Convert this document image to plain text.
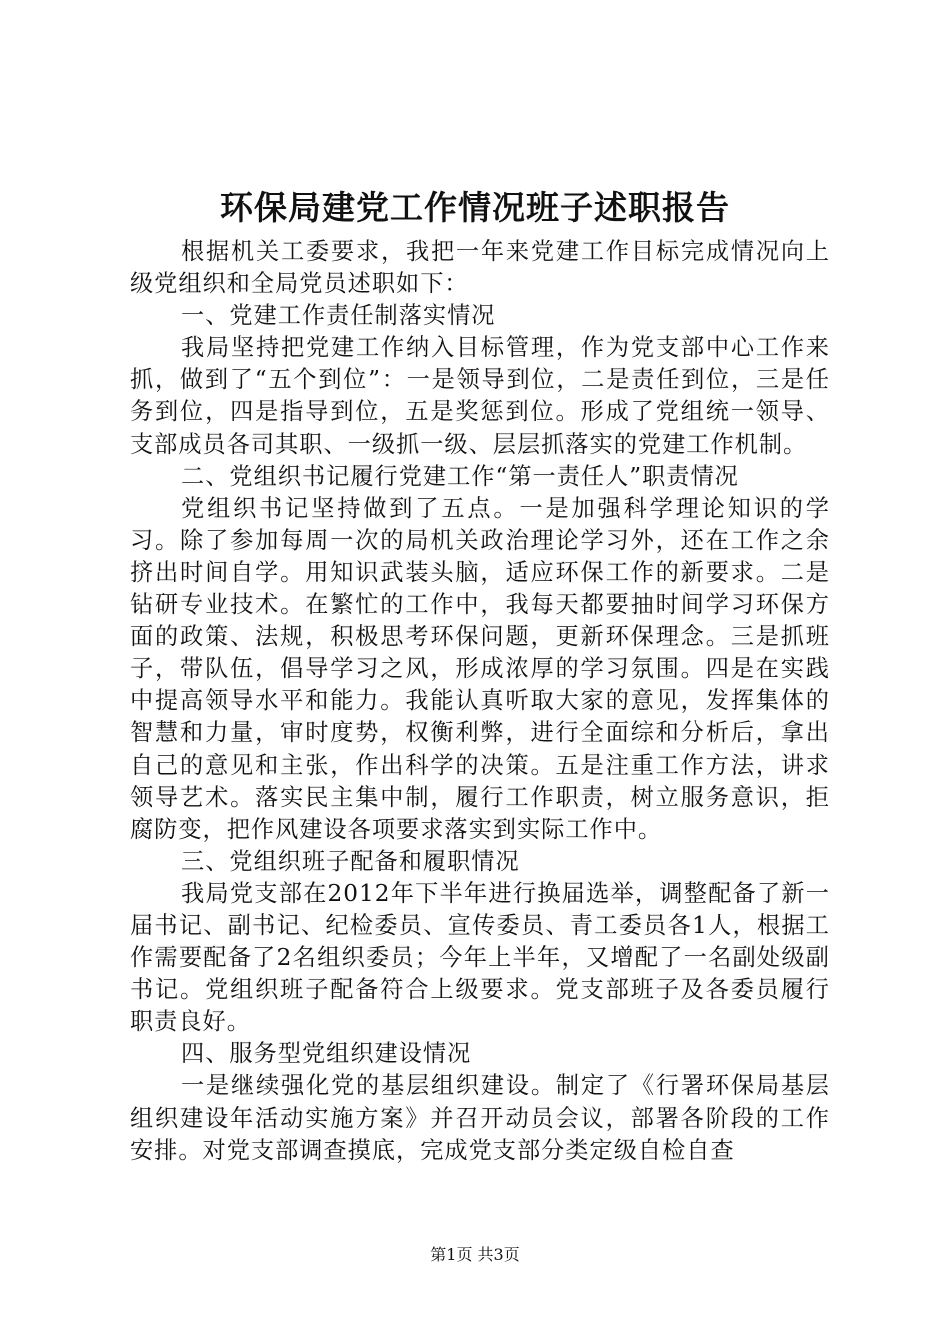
环保局建党工作情况班子述职报告

根据机关工委要求，我把一年来党建工作目标完成情况向上级党组织和全局党员述职如下：

一、党建工作责任制落实情况

我局坚持把党建工作纳入目标管理，作为党支部中心工作来抓，做到了“五个到位”：一是领导到位，二是责任到位，三是任务到位，四是指导到位，五是奖惩到位。形成了党组统一领导、支部成员各司其职、一级抓一级、层层抓落实的党建工作机制。

二、党组织书记履行党建工作“第一责任人”职责情况

党组织书记坚持做到了五点。一是加强科学理论知识的学习。除了参加每周一次的局机关政治理论学习外，还在工作之余挤出时间自学。用知识武装头脑，适应环保工作的新要求。二是钻研专业技术。在繁忙的工作中，我每天都要抽时间学习环保方面的政策、法规，积极思考环保问题，更新环保理念。三是抓班子，带队伍，倡导学习之风，形成浓厚的学习氛围。四是在实践中提高领导水平和能力。我能认真听取大家的意见，发挥集体的智慧和力量，审时度势，权衡利弊，进行全面综和分析后，拿出自己的意见和主张，作出科学的决策。五是注重工作方法，讲求领导艺术。落实民主集中制，履行工作职责，树立服务意识，拒腐防变，把作风建设各项要求落实到实际工作中。

三、党组织班子配备和履职情况

我局党支部在2012年下半年进行换届选举，调整配备了新一届书记、副书记、纪检委员、宣传委员、青工委员各1人，根据工作需要配备了2名组织委员；今年上半年，又增配了一名副处级副书记。党组织班子配备符合上级要求。党支部班子及各委员履行职责良好。

四、服务型党组织建设情况

一是继续强化党的基层组织建设。制定了《行署环保局基层组织建设年活动实施方案》并召开动员会议，部署各阶段的工作安排。对党支部调查摸底，完成党支部分类定级自检自查

第1页 共3页
